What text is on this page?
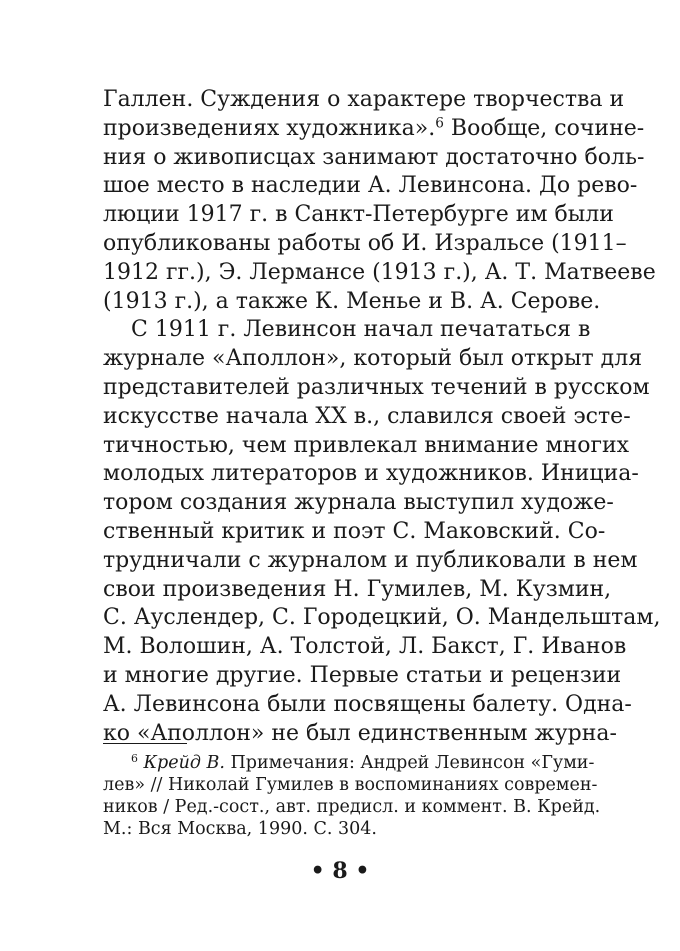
Галлен. Суждения о характере творчества и
произведениях художника».$^6$ Вообще, сочине-
ния о живописцах занимают достаточно боль-
шое место в наследии А. Левинсона. До рево-
люции 1917 г. в Санкт-Петербурге им были
опубликованы работы об И. Изральсе (1911–
1912 гг.), Э. Лермансе (1913 г.), А. Т. Матвееве
(1913 г.), а также К. Менье и В. А. Серове.
С 1911 г. Левинсон начал печататься в
журнале «Аполлон», который был открыт для
представителей различных течений в русском
искусстве начала XX в., славился своей эсте-
тичностью, чем привлекал внимание многих
молодых литераторов и художников. Инициа-
тором создания журнала выступил художе-
ственный критик и поэт С. Маковский. Со-
трудничали с журналом и публиковали в нем
свои произведения Н. Гумилев, М. Кузмин,
С. Ауслендер, С. Городецкий, О. Мандельштам,
М. Волошин, А. Толстой, Л. Бакст, Г. Иванов
и многие другие. Первые статьи и рецензии
А. Левинсона были посвящены балету. Одна-
ко «Аполлон» не был единственным журна-
$^6$ Крейд В. Примечания: Андрей Левинсон «Гуми-
лев» // Николай Гумилев в воспоминаниях современ-
ников / Ред.-сост., авт. предисл. и коммент. В. Крейд.
М.: Вся Москва, 1990. С. 304.
• 8 •
